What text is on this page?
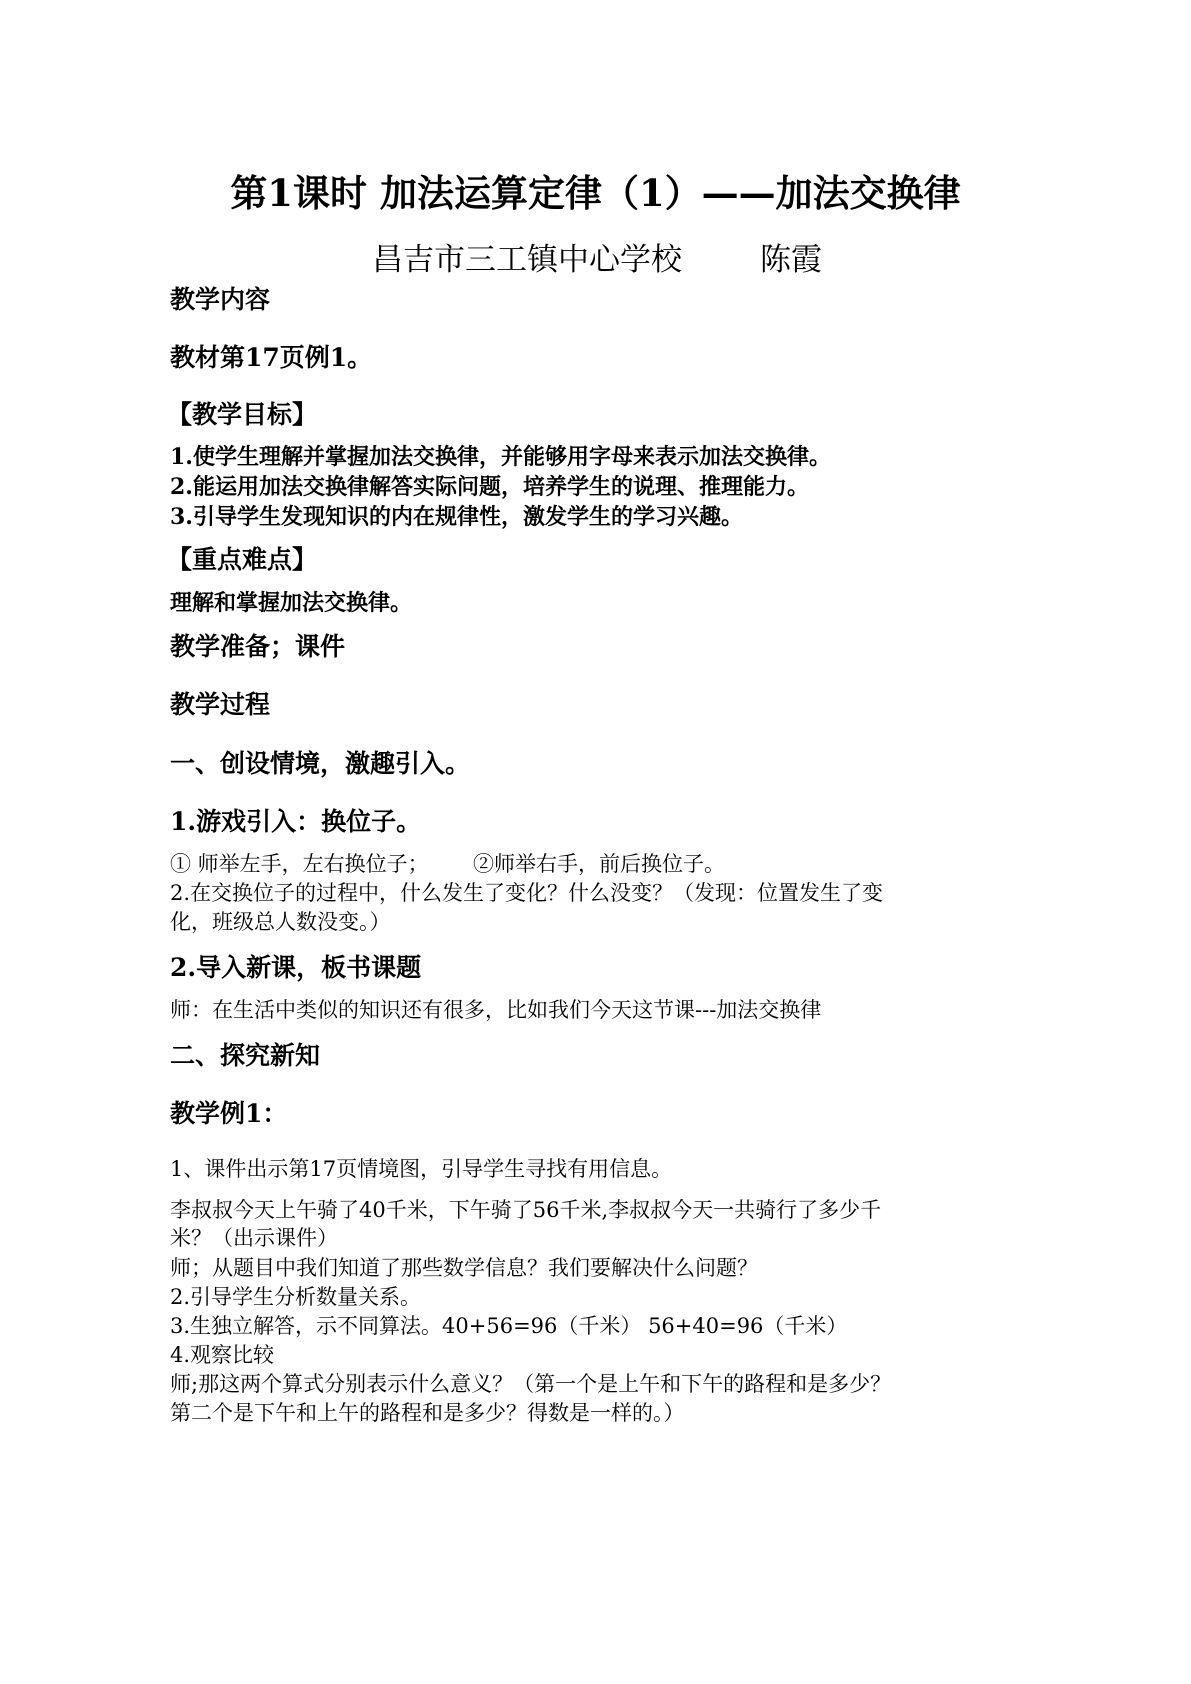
第1课时 加法运算定律（1）——加法交换律
昌吉市三工镇中心学校	陈霞
教学内容
教材第17页例1。
【教学目标】
1.使学生理解并掌握加法交换律，并能够用字母来表示加法交换律。
2.能运用加法交换律解答实际问题，培养学生的说理、推理能力。
3.引导学生发现知识的内在规律性，激发学生的学习兴趣。
【重点难点】
理解和掌握加法交换律。
教学准备；课件
教学过程
一、创设情境，激趣引入。
1.游戏引入：换位子。
① 师举左手，左右换位子； ②师举右手，前后换位子。
2.在交换位子的过程中，什么发生了变化？什么没变？（发现：位置发生了变
化，班级总人数没变。）
2.导入新课，板书课题
师：在生活中类似的知识还有很多，比如我们今天这节课---加法交换律
二、探究新知
教学例1：
1、课件出示第17页情境图，引导学生寻找有用信息。
李叔叔今天上午骑了40千米，下午骑了56千米,李叔叔今天一共骑行了多少千
米？（出示课件）
师；从题目中我们知道了那些数学信息？我们要解决什么问题？
2.引导学生分析数量关系。
3.生独立解答，示不同算法。40+56=96（千米） 56+40=96（千米）
4.观察比较
师;那这两个算式分别表示什么意义？（第一个是上午和下午的路程和是多少？
第二个是下午和上午的路程和是多少？得数是一样的。）
